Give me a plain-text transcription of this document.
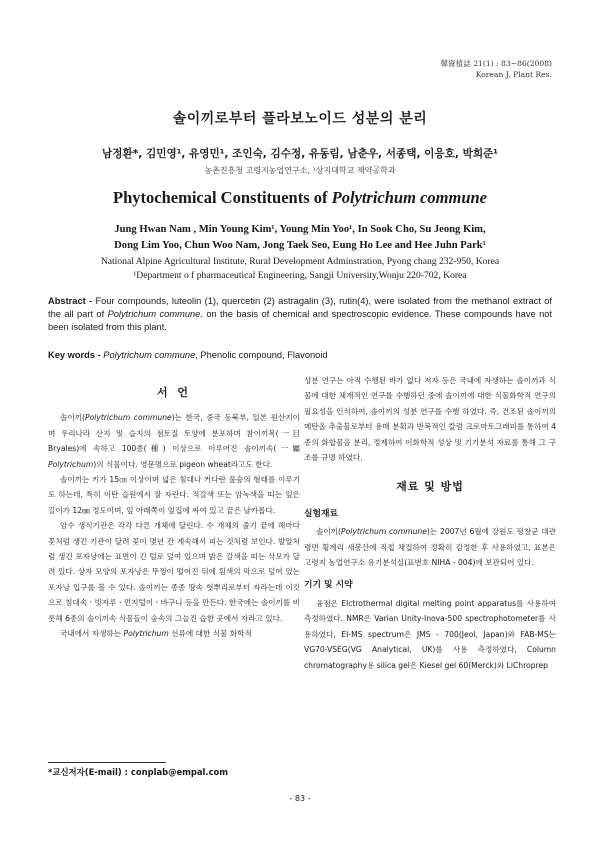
韓資植誌 21(1) : 83~86(2008)
Korean J. Plant Res.
솔이끼로부터 플라보노이드 성분의 분리
남정환*, 김민영¹, 유영민¹, 조인숙, 김수정, 유동림, 남춘우, 서종택, 이응호, 박희준¹
농촌진흥청 고령지농업연구소, ¹상지대학교 제약공학과
Phytochemical Constituents of Polytrichum commune
Jung Hwan Nam , Min Young Kim¹, Young Min Yoo¹, In Sook Cho, Su Jeong Kim,
Dong Lim Yoo, Chun Woo Nam, Jong Taek Seo, Eung Ho Lee and Hee Juhn Park¹
National Alpine Agricultural Institute, Rural Development Adminstration, Pyong chang 232-950, Korea
¹Department o f pharmaceutical Engineering, Sangji University,Wonju 220-702, Korea
Abstract - Four compounds, luteolin (1), quercetin (2) astragalin (3), rutin(4), were isolated from the methanol extract of the all part of Polytrichum commune. on the basis of chemical and spectroscopic evidence. These compounds have not been isolated from this plant.
Key words - Polytrichum commune, Phenolic compound, Flavonoid
서 언

솔이끼(Polytrichum commune)는 한국, 중국 동북부, 일본 원산지이며 우리나라 산지 및 습지의 점토질 토양에 분포하며 참이끼목(一目 Bryales)에 속하고 100종(種) 이상으로 이루어진 솔이끼속(一屬 Polytrichum)의 식물이다. 영문명으로 pigeon wheat라고도 한다.

솔이끼는 키가 15㎝ 이상이며 넓은 침대나 커다란 풀숲의 형태를 이루기도 하는데, 특히 이탄 습원에서 잘 자란다. 적갈색 또는 암녹색을 띠는 잎은 길이가 12㎜ 정도이며, 잎 아래쪽이 잎집에 싸여 있고 끝은 날카롭다.

암수 생식기관은 각각 다른 개체에 달린다. 수 개체의 줄기 끝에 해마다 꽃처럼 생긴 기관이 달려 꽃이 몇년 간 계속해서 피는 것처럼 보인다. 발알처럼 생긴 포자낭에는 표면이 긴 털로 덮여 있으며 밝은 갈색을 띠는 삭모가 달려 있다. 상자 모양의 포자낭은 뚜껑이 떨어진 뒤에 흰색의 막으로 덮여 있는 포자낭 입구를 볼 수 있다. 솔이끼는 종종 땅속 헛뿌리로부터 자라는데 이것으로 침대속ㆍ빗자루ㆍ먼지털이ㆍ바구니 등을 만든다. 한국에는 솔이끼를 비롯해 6종의 솔이끼속 식물들이 숲속의 그늘진 습한 곳에서 자라고 있다.

국내에서 자생하는 Polytrichum 선류에 대한 식물 화학적

성분 연구는 아직 수행된 바가 없다 저자 등은 국내에 자생하는 솔이끼과 식물에 대한 체계적인 연구를 수행하던 중에 솔이끼에 대한 식물화학적 연구의 필요성을 인식하여, 솔이끼의 성분 연구를 수행 하였다. 즉, 건조된 솔이끼의 메탄올 추출물로부터 용매 분획과 반복적인 칼럼 크로마토그래피를 통하여 4종의 화합물을 분리, 정제하여 이화학적 성상 및 기기분석 자료를 통해 그 구조를 규명 하였다.

재료 및 방법
실험재료

솔이끼(Polytrichum commune)는 2007년 6월에 강원도 평창군 대관령면 횡계리 새봉산에 직접 채집하여 정확히 감정한 후 사용하였고, 표본은 고령지 농업연구소 유기분석실(표번호 NIHA - 004)에 보관되어 있다.

기기 및 시약

융점은 Elctrothermal digital melting point apparatus를 사용하여 측정하였다. NMR은 Varian Unity-Inova-500 spectrophotometer를 사용하였다, EI-MS spectrum은 JMS - 700(Jeol, Japan)와 FAB-MS는 VG70-VSEG(VG Analytical, UK)를 사용 측정하였다, Column chromatography용 silica gel은 Kiesel gel 60(Merck)와 LiChroprep

*교신저자(E-mail) : conplab@empal.com
- 83 -
